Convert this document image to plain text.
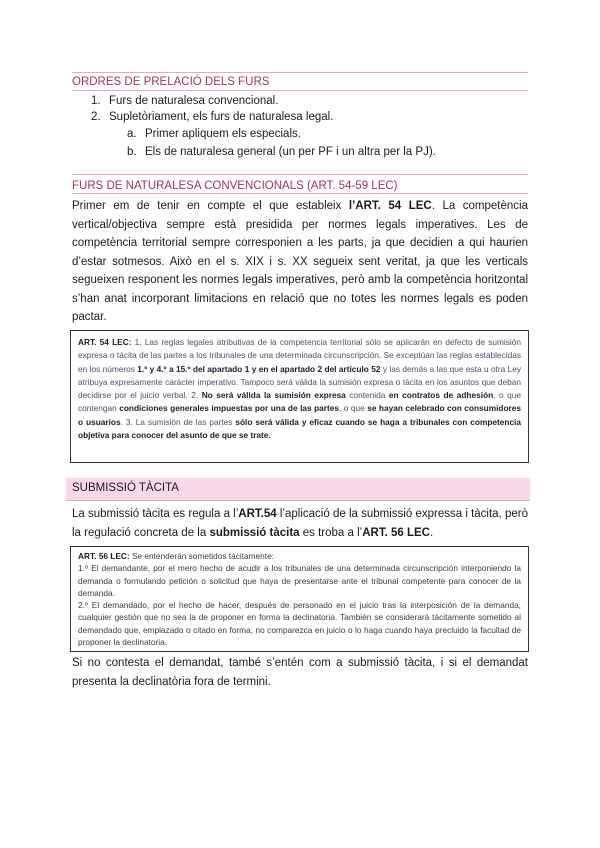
ORDRES DE PRELACIÓ DELS FURS
1. Furs de naturalesa convencional.
2. Supletòriament, els furs de naturalesa legal.
a. Primer apliquem els especials.
b. Els de naturalesa general (un per PF i un altra per la PJ).
FURS DE NATURALESA CONVENCIONALS (ART. 54-59 LEC)
Primer em de tenir en compte el que estableix l’ART. 54 LEC. La competència vertical/objectiva sempre està presidida per normes legals imperatives. Les de competència territorial sempre corresponien a les parts, ja que decidien a qui haurien d’estar sotmesos. Això en el s. XIX i s. XX segueix sent veritat, ja que les verticals segueixen responent les normes legals imperatives, però amb la competència horitzontal s’han anat incorporant limitacions en relació que no totes les normes legals es poden pactar.
ART. 54 LEC: 1. Las reglas legales atributivas de la competencia territorial sólo se aplicarán en defecto de sumisión expresa o tácita de las partes a los tribunales de una determinada circunscripción. Se exceptúan las reglas establecidas en los números 1.º y 4.º a 15.º del apartado 1 y en el apartado 2 del artículo 52 y las demás a las que esta u otra Ley atribuya expresamente carácter imperativo. Tampoco será válida la sumisión expresa o tácita en los asuntos que deban decidirse por el juicio verbal. 2. No será válida la sumisión expresa contenida en contratos de adhesión, o que contengan condiciones generales impuestas por una de las partes, o que se hayan celebrado con consumidores o usuarios. 3. La sumisión de las partes sólo será válida y eficaz cuando se haga a tribunales con competencia objetiva para conocer del asunto de que se trate.
SUBMISSIÓ TÀCITA
La submissió tàcita es regula a l’ART.54 l’aplicació de la submissió expressa i tàcita, però la regulació concreta de la submissió tàcita es troba a l’ART. 56 LEC.
ART. 56 LEC: Se entenderán sometidos tácitamente:
1.º El demandante, por el mero hecho de acudir a los tribunales de una determinada circunscripción interponiendo la demanda o formulando petición o solicitud que haya de presentarse ante el tribunal competente para conocer de la demanda.
2.º El demandado, por el hecho de hacer, después de personado en el juicio tras la interposición de la demanda, cualquier gestión que no sea la de proponer en forma la declinatoria. También se considerará tácitamente sometido al demandado que, emplazado o citado en forma, no comparezca en juicio o lo haga cuando haya precluido la facultad de proponer la declinatoria.
Si no contesta el demandat, també s’entén com a submissió tàcita, i si el demandat presenta la declinatòria fora de termini.
